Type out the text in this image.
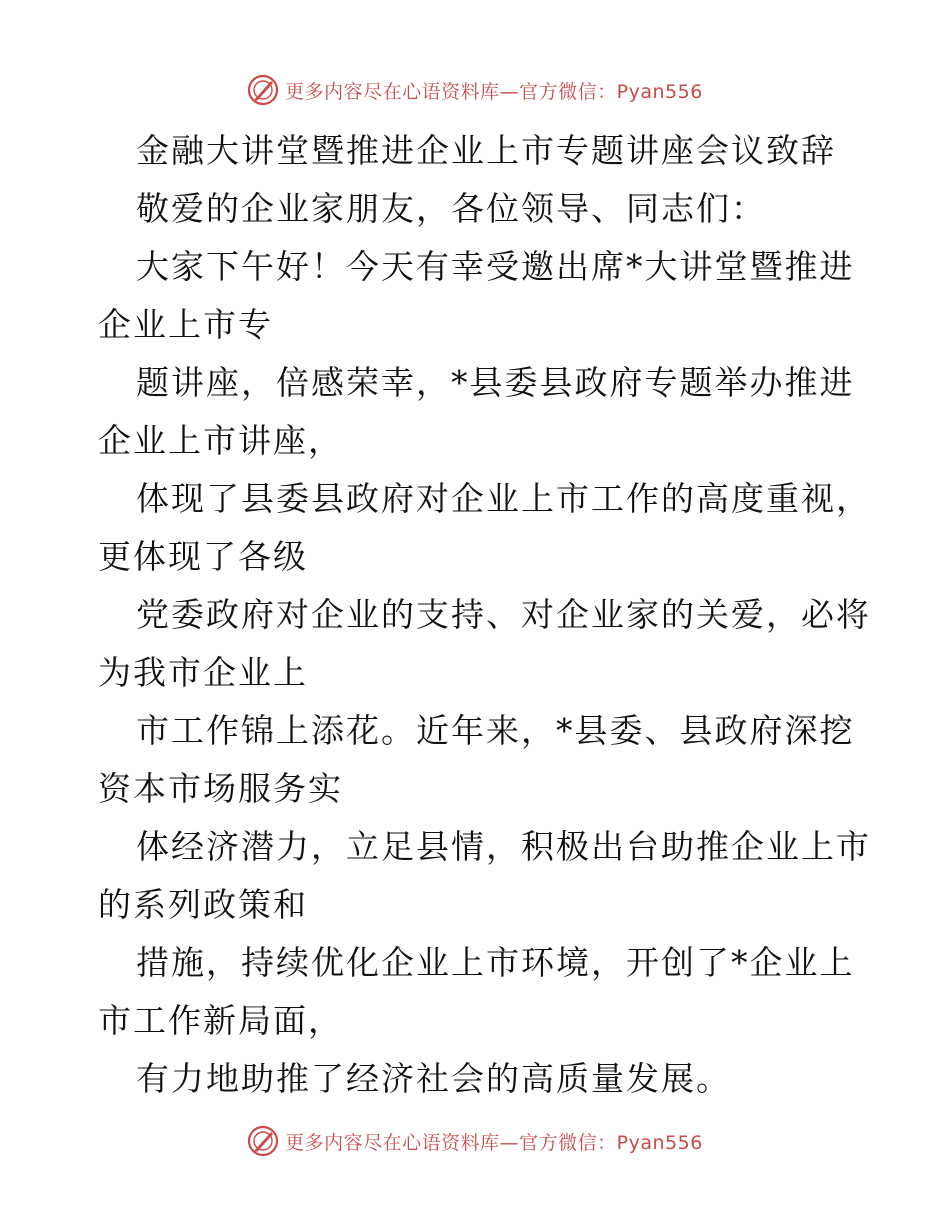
更多内容尽在心语资料库—官方微信：Pyan556
金融大讲堂暨推进企业上市专题讲座会议致辞
敬爱的企业家朋友，各位领导、同志们：
大家下午好！今天有幸受邀出席*大讲堂暨推进
企业上市专
题讲座，倍感荣幸，*县委县政府专题举办推进
企业上市讲座，
体现了县委县政府对企业上市工作的高度重视，
更体现了各级
党委政府对企业的支持、对企业家的关爱，必将
为我市企业上
市工作锦上添花。近年来，*县委、县政府深挖
资本市场服务实
体经济潜力，立足县情，积极出台助推企业上市
的系列政策和
措施，持续优化企业上市环境，开创了*企业上
市工作新局面，
有力地助推了经济社会的高质量发展。
更多内容尽在心语资料库—官方微信：Pyan556
